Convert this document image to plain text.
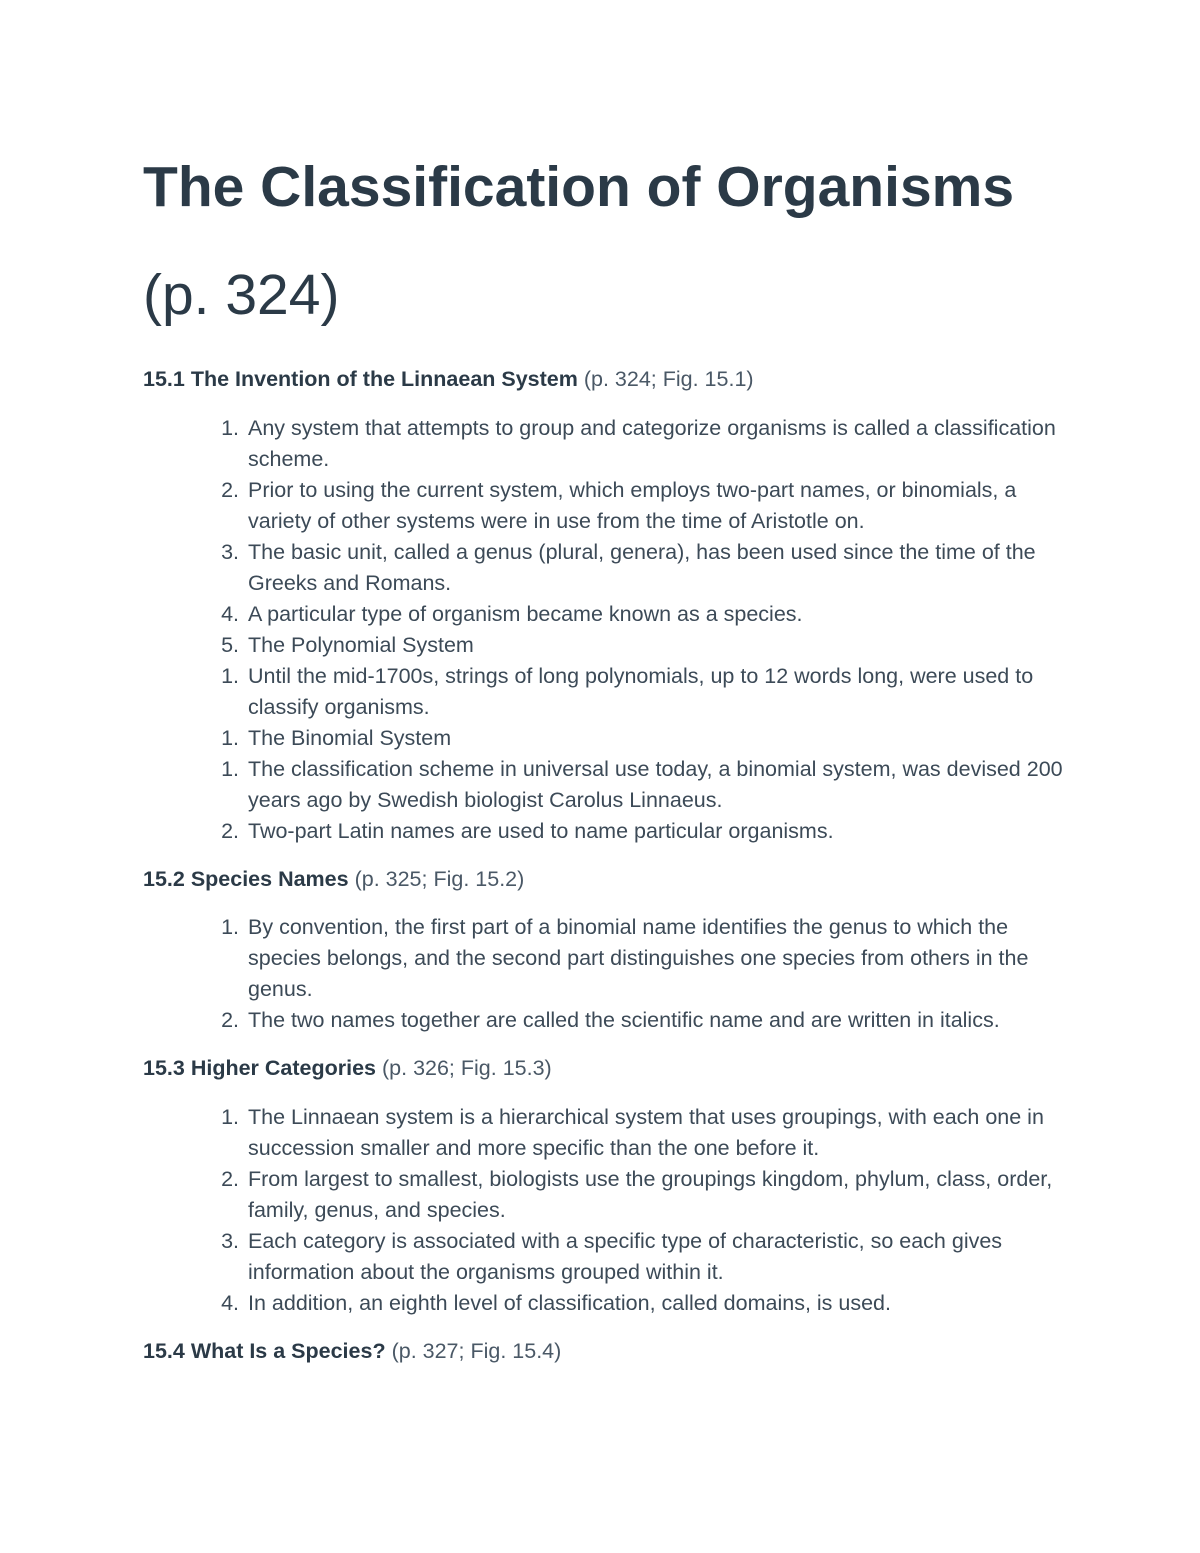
The Classification of Organisms
(p. 324)

15.1 The Invention of the Linnaean System (p. 324; Fig. 15.1)

1. Any system that attempts to group and categorize organisms is called a classification scheme.
2. Prior to using the current system, which employs two-part names, or binomials, a variety of other systems were in use from the time of Aristotle on.
3. The basic unit, called a genus (plural, genera), has been used since the time of the Greeks and Romans.
4. A particular type of organism became known as a species.
5. The Polynomial System
1. Until the mid-1700s, strings of long polynomials, up to 12 words long, were used to classify organisms.
1. The Binomial System
1. The classification scheme in universal use today, a binomial system, was devised 200 years ago by Swedish biologist Carolus Linnaeus.
2. Two-part Latin names are used to name particular organisms.

15.2 Species Names (p. 325; Fig. 15.2)

1. By convention, the first part of a binomial name identifies the genus to which the species belongs, and the second part distinguishes one species from others in the genus.
2. The two names together are called the scientific name and are written in italics.

15.3 Higher Categories (p. 326; Fig. 15.3)

1. The Linnaean system is a hierarchical system that uses groupings, with each one in succession smaller and more specific than the one before it.
2. From largest to smallest, biologists use the groupings kingdom, phylum, class, order, family, genus, and species.
3. Each category is associated with a specific type of characteristic, so each gives information about the organisms grouped within it.
4. In addition, an eighth level of classification, called domains, is used.

15.4 What Is a Species? (p. 327; Fig. 15.4)
